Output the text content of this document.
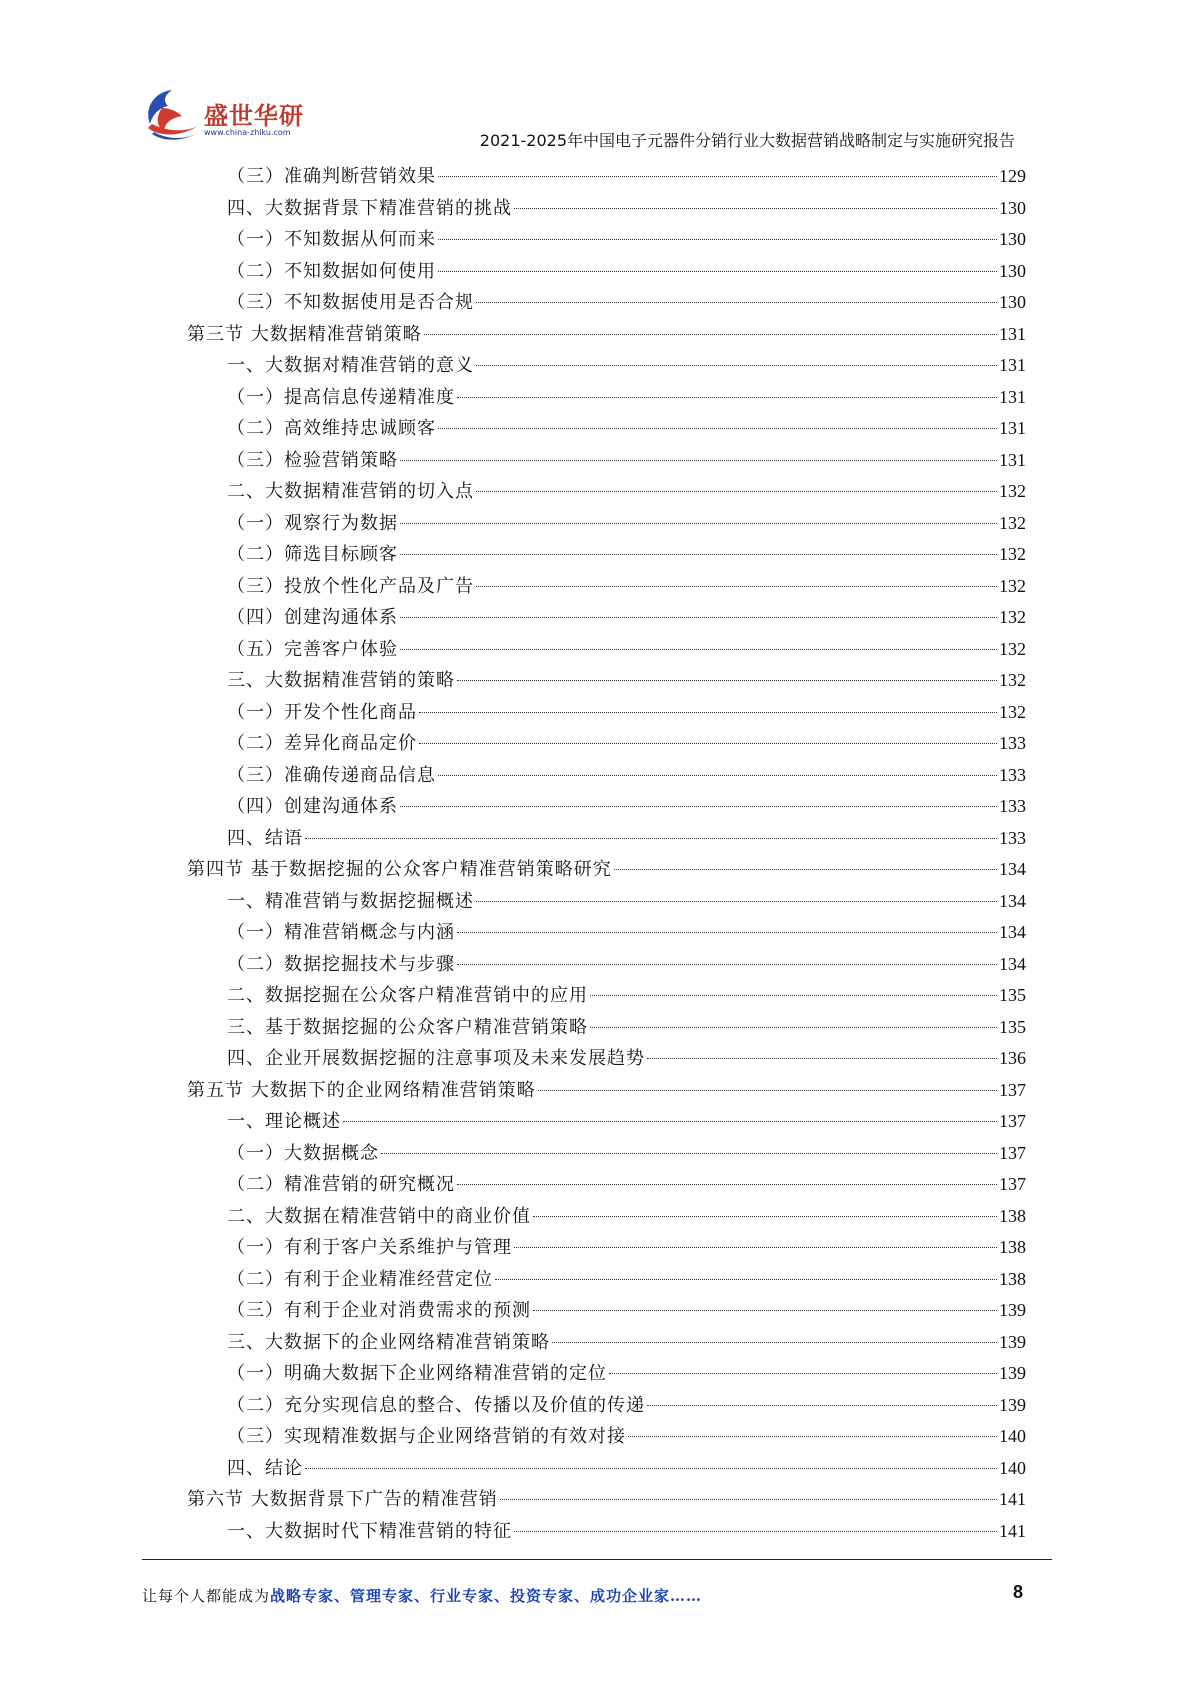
盛世华研
www.china-zhiku.com	2021-2025年中国电子元器件分销行业大数据营销战略制定与实施研究报告
（三）准确判断营销效果	129
四、大数据背景下精准营销的挑战	130
（一）不知数据从何而来	130
（二）不知数据如何使用	130
（三）不知数据使用是否合规	130
第三节 大数据精准营销策略	131
一、大数据对精准营销的意义	131
（一）提高信息传递精准度	131
（二）高效维持忠诚顾客	131
（三）检验营销策略	131
二、大数据精准营销的切入点	132
（一）观察行为数据	132
（二）筛选目标顾客	132
（三）投放个性化产品及广告	132
（四）创建沟通体系	132
（五）完善客户体验	132
三、大数据精准营销的策略	132
（一）开发个性化商品	132
（二）差异化商品定价	133
（三）准确传递商品信息	133
（四）创建沟通体系	133
四、结语	133
第四节 基于数据挖掘的公众客户精准营销策略研究	134
一、精准营销与数据挖掘概述	134
（一）精准营销概念与内涵	134
（二）数据挖掘技术与步骤	134
二、数据挖掘在公众客户精准营销中的应用	135
三、基于数据挖掘的公众客户精准营销策略	135
四、企业开展数据挖掘的注意事项及未来发展趋势	136
第五节 大数据下的企业网络精准营销策略	137
一、理论概述	137
（一）大数据概念	137
（二）精准营销的研究概况	137
二、大数据在精准营销中的商业价值	138
（一）有利于客户关系维护与管理	138
（二）有利于企业精准经营定位	138
（三）有利于企业对消费需求的预测	139
三、大数据下的企业网络精准营销策略	139
（一）明确大数据下企业网络精准营销的定位	139
（二）充分实现信息的整合、传播以及价值的传递	139
（三）实现精准数据与企业网络营销的有效对接	140
四、结论	140
第六节 大数据背景下广告的精准营销	141
一、大数据时代下精准营销的特征	141
让每个人都能成为战略专家、管理专家、行业专家、投资专家、成功企业家……	8
